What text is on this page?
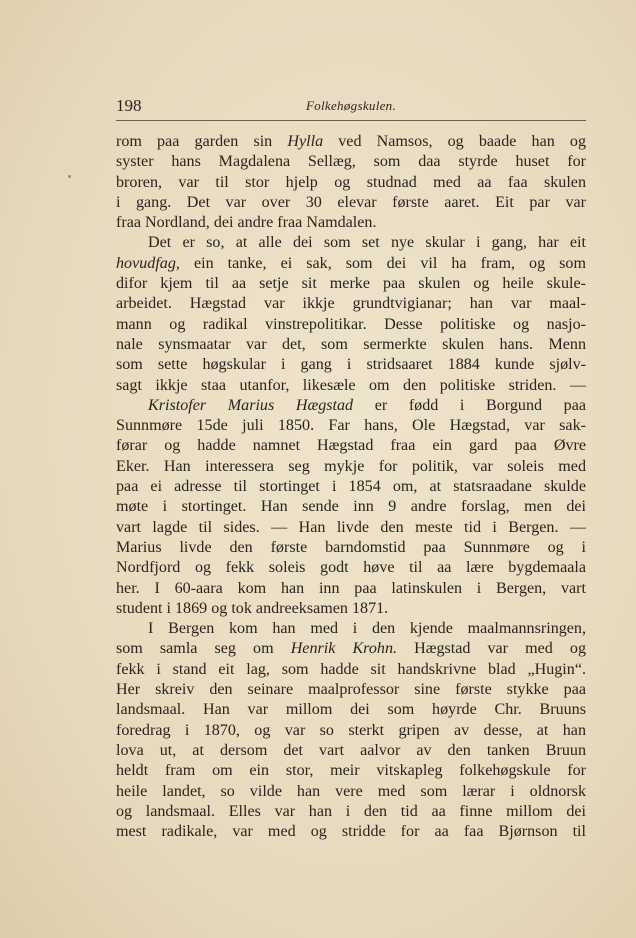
198	Folkehøgskulen.
rom paa garden sin Hylla ved Namsos, og baade han og
syster hans Magdalena Sellæg, som daa styrde huset for
broren, var til stor hjelp og studnad med aa faa skulen
i gang. Det var over 30 elevar første aaret. Eit par var
fraa Nordland, dei andre fraa Namdalen.
Det er so, at alle dei som set nye skular i gang, har eit
hovudfag, ein tanke, ei sak, som dei vil ha fram, og som
difor kjem til aa setje sit merke paa skulen og heile skule-
arbeidet. Hægstad var ikkje grundtvigianar; han var maal-
mann og radikal vinstrepolitikar. Desse politiske og nasjo-
nale synsmaatar var det, som sermerkte skulen hans. Menn
som sette høgskular i gang i stridsaaret 1884 kunde sjølv-
sagt ikkje staa utanfor, likesæle om den politiske striden. —
Kristofer Marius Hægstad er fødd i Borgund paa
Sunnmøre 15de juli 1850. Far hans, Ole Hægstad, var sak-
førar og hadde namnet Hægstad fraa ein gard paa Øvre
Eker. Han interessera seg mykje for politik, var soleis med
paa ei adresse til stortinget i 1854 om, at statsraadane skulde
møte i stortinget. Han sende inn 9 andre forslag, men dei
vart lagde til sides. — Han livde den meste tid i Bergen. —
Marius livde den første barndomstid paa Sunnmøre og i
Nordfjord og fekk soleis godt høve til aa lære bygdemaala
her. I 60-aara kom han inn paa latinskulen i Bergen, vart
student i 1869 og tok andreeksamen 1871.
I Bergen kom han med i den kjende maalmannsringen,
som samla seg om Henrik Krohn. Hægstad var med og
fekk i stand eit lag, som hadde sit handskrivne blad „Hugin“.
Her skreiv den seinare maalprofessor sine første stykke paa
landsmaal. Han var millom dei som høyrde Chr. Bruuns
foredrag i 1870, og var so sterkt gripen av desse, at han
lova ut, at dersom det vart aalvor av den tanken Bruun
heldt fram om ein stor, meir vitskapleg folkehøgskule for
heile landet, so vilde han vere med som lærar i oldnorsk
og landsmaal. Elles var han i den tid aa finne millom dei
mest radikale, var med og stridde for aa faa Bjørnson til
